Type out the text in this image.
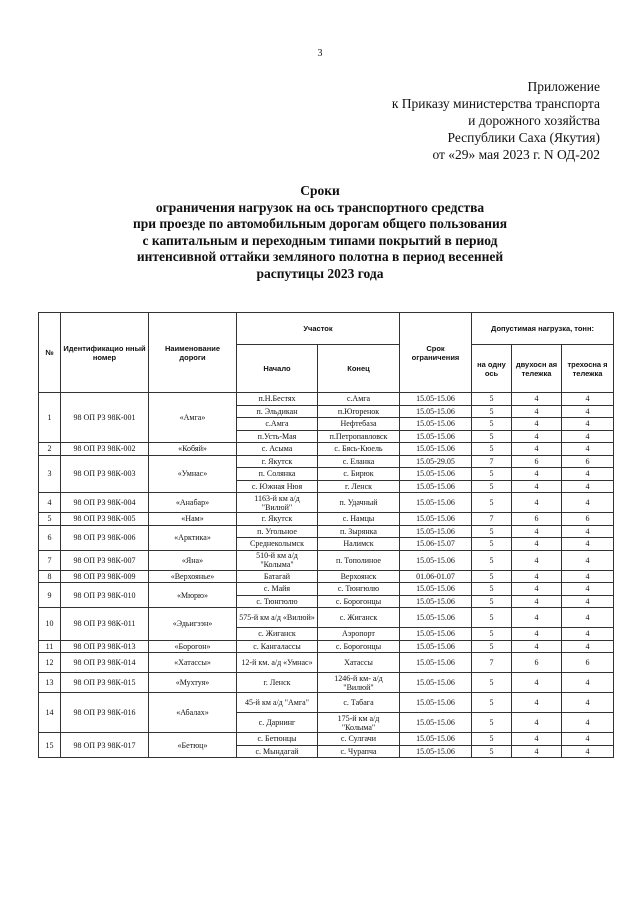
3
Приложение
к Приказу министерства транспорта
и дорожного хозяйства
Республики Саха (Якутия)
от «29» мая 2023 г. N ОД-202
Сроки
ограничения нагрузок на ось транспортного средства
при проезде по автомобильным дорогам общего пользования
с капитальным и переходным типами покрытий в период
интенсивной оттайки земляного полотна в период весенней
распутицы 2023 года
№	Идентификацио нный номер	Наименование дороги	Участок		Срок ограничения	Допустимая нагрузка, тонн:		
			Начало	Конец		на одну ось	двухосн ая тележка	трехосна я тележка
1	98 ОП РЗ 98К-001	«Амга»	п.Н.Бестях	с.Амга	15.05-15.06	5	4	4
			п. Эльдикан	п.Югоренок	15.05-15.06	5	4	4
			с.Амга	Нефтебаза	15.05-15.06	5	4	4
			п.Усть-Мая	п.Петропавловск	15.05-15.06	5	4	4
2	98 ОП РЗ 98К-002	«Кобяй»	с. Асыма	с. Бясь-Кюель	15.05-15.06	5	4	4
3	98 ОП РЗ 98К-003	«Умнас»	г. Якутск	с. Еланка	15.05-29.05	7	6	6
			п. Солянка	с. Бирюк	15.05-15.06	5	4	4
			с. Южная Нюя	г. Ленск	15.05-15.06	5	4	4
4	98 ОП РЗ 98К-004	«Анабар»	1163-й км а/д "Вилюй"	п. Удачный	15.05-15.06	5	4	4
5	98 ОП РЗ 98К-005	«Нам»	г. Якутск	с. Намцы	15.05-15.06	7	6	6
6	98 ОП РЗ 98К-006	«Арктика»	п. Угольное	п. Зырянка	15.05-15.06	5	4	4
			Среднеколымск	Налимск	15.06-15.07	5	4	4
7	98 ОП РЗ 98К-007	«Яна»	510-й км а/д "Колыма"	п. Тополиное	15.05-15.06	5	4	4
8	98 ОП РЗ 98К-009	«Верхоянье»	Батагай	Верхоянск	01.06-01.07	5	4	4
9	98 ОП РЗ 98К-010	«Мюрю»	с. Майя	с. Тюнгюлю	15.05-15.06	5	4	4
			с. Тюнгюлю	с. Борогонцы	15.05-15.06	5	4	4
10	98 ОП РЗ 98К-011	«Эдьигээн»	575-й км а/д «Вилюй»	с. Жиганск	15.05-15.06	5	4	4
			с. Жиганск	Аэропорт	15.05-15.06	5	4	4
11	98 ОП РЗ 98К-013	«Борогон»	с. Кангаласcы	с. Борогонцы	15.05-15.06	5	4	4
12	98 ОП РЗ 98К-014	«Хатассы»	12-й км. а/д «Умнас»	Хатассы	15.05-15.06	7	6	6
13	98 ОП РЗ 98К-015	«Мухтуя»	г. Ленск	1246-й км- а/д "Вилюй"	15.05-15.06	5	4	4
14	98 ОП РЗ 98К-016	«Абалах»	45-й км а/д "Амга"	с. Табага	15.05-15.06	5	4	4
			с. Дарнинг	175-й км а/д "Колыма"	15.05-15.06	5	4	4
15	98 ОП РЗ 98К-017	«Бетюц»	с. Бетюнцы	с. Сулгачи	15.05-15.06	5	4	4
			с. Мындагай	с. Чурапча	15.05-15.06	5	4	4
